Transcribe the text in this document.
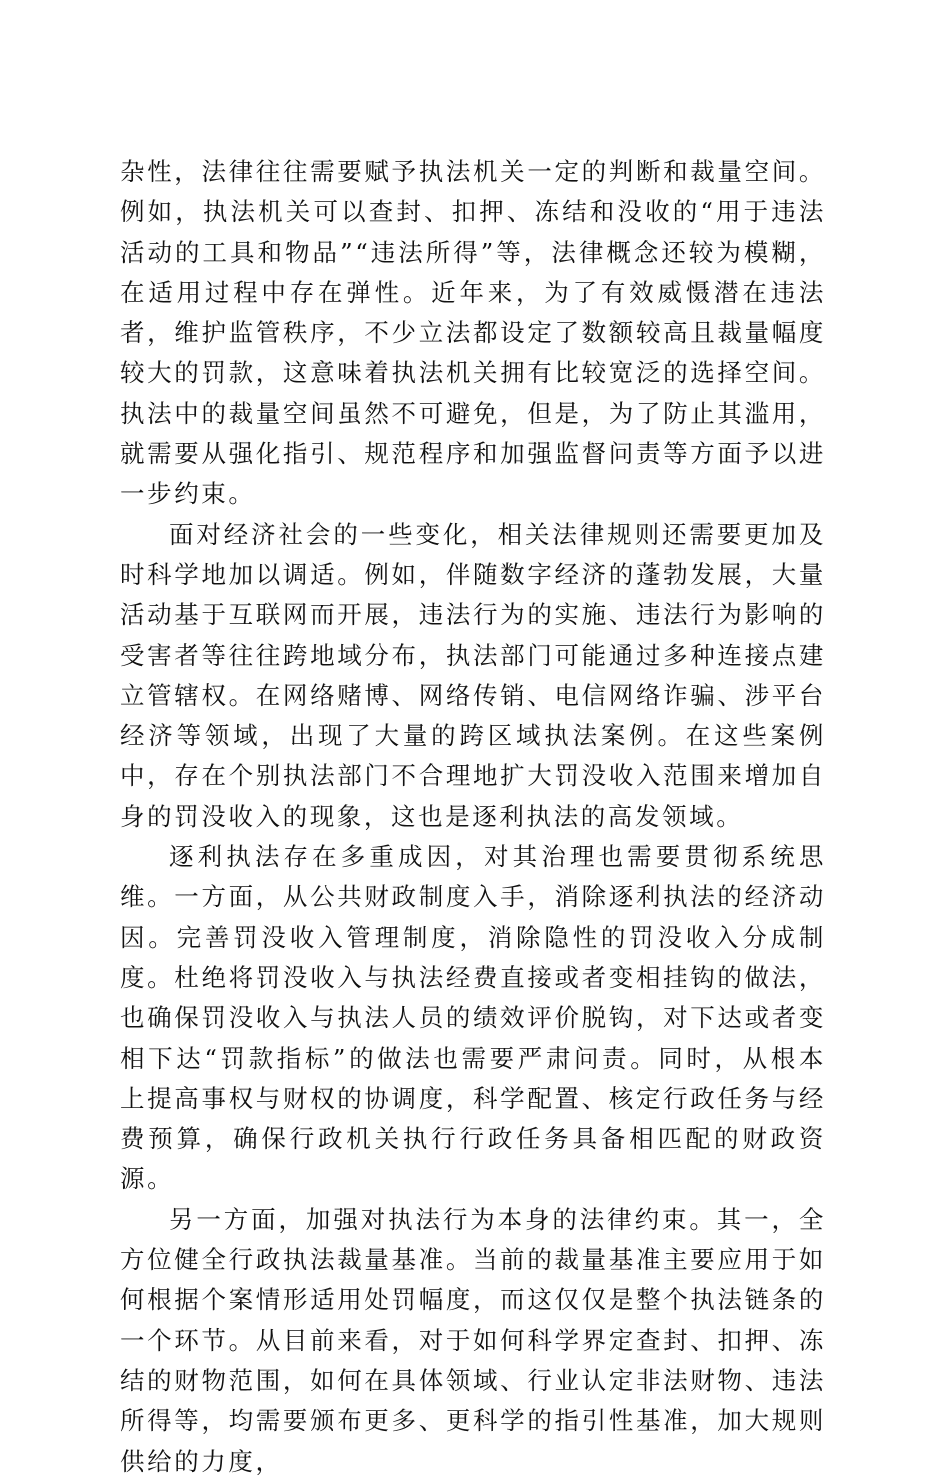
杂性，法律往往需要赋予执法机关一定的判断和裁量空间。例如，执法机关可以查封、扣押、冻结和没收的“用于违法活动的工具和物品”“违法所得”等，法律概念还较为模糊，在适用过程中存在弹性。近年来，为了有效威慑潜在违法者，维护监管秩序，不少立法都设定了数额较高且裁量幅度较大的罚款，这意味着执法机关拥有比较宽泛的选择空间。执法中的裁量空间虽然不可避免，但是，为了防止其滥用，就需要从强化指引、规范程序和加强监督问责等方面予以进一步约束。

面对经济社会的一些变化，相关法律规则还需要更加及时科学地加以调适。例如，伴随数字经济的蓬勃发展，大量活动基于互联网而开展，违法行为的实施、违法行为影响的受害者等往往跨地域分布，执法部门可能通过多种连接点建立管辖权。在网络赌博、网络传销、电信网络诈骗、涉平台经济等领域，出现了大量的跨区域执法案例。在这些案例中，存在个别执法部门不合理地扩大罚没收入范围来增加自身的罚没收入的现象，这也是逐利执法的高发领域。

逐利执法存在多重成因，对其治理也需要贯彻系统思维。一方面，从公共财政制度入手，消除逐利执法的经济动因。完善罚没收入管理制度，消除隐性的罚没收入分成制度。杜绝将罚没收入与执法经费直接或者变相挂钩的做法，也确保罚没收入与执法人员的绩效评价脱钩，对下达或者变相下达“罚款指标”的做法也需要严肃问责。同时，从根本上提高事权与财权的协调度，科学配置、核定行政任务与经费预算，确保行政机关执行行政任务具备相匹配的财政资源。

另一方面，加强对执法行为本身的法律约束。其一，全方位健全行政执法裁量基准。当前的裁量基准主要应用于如何根据个案情形适用处罚幅度，而这仅仅是整个执法链条的一个环节。从目前来看，对于如何科学界定查封、扣押、冻结的财物范围，如何在具体领域、行业认定非法财物、违法所得等，均需要颁布更多、更科学的指引性基准，加大规则供给的力度，
